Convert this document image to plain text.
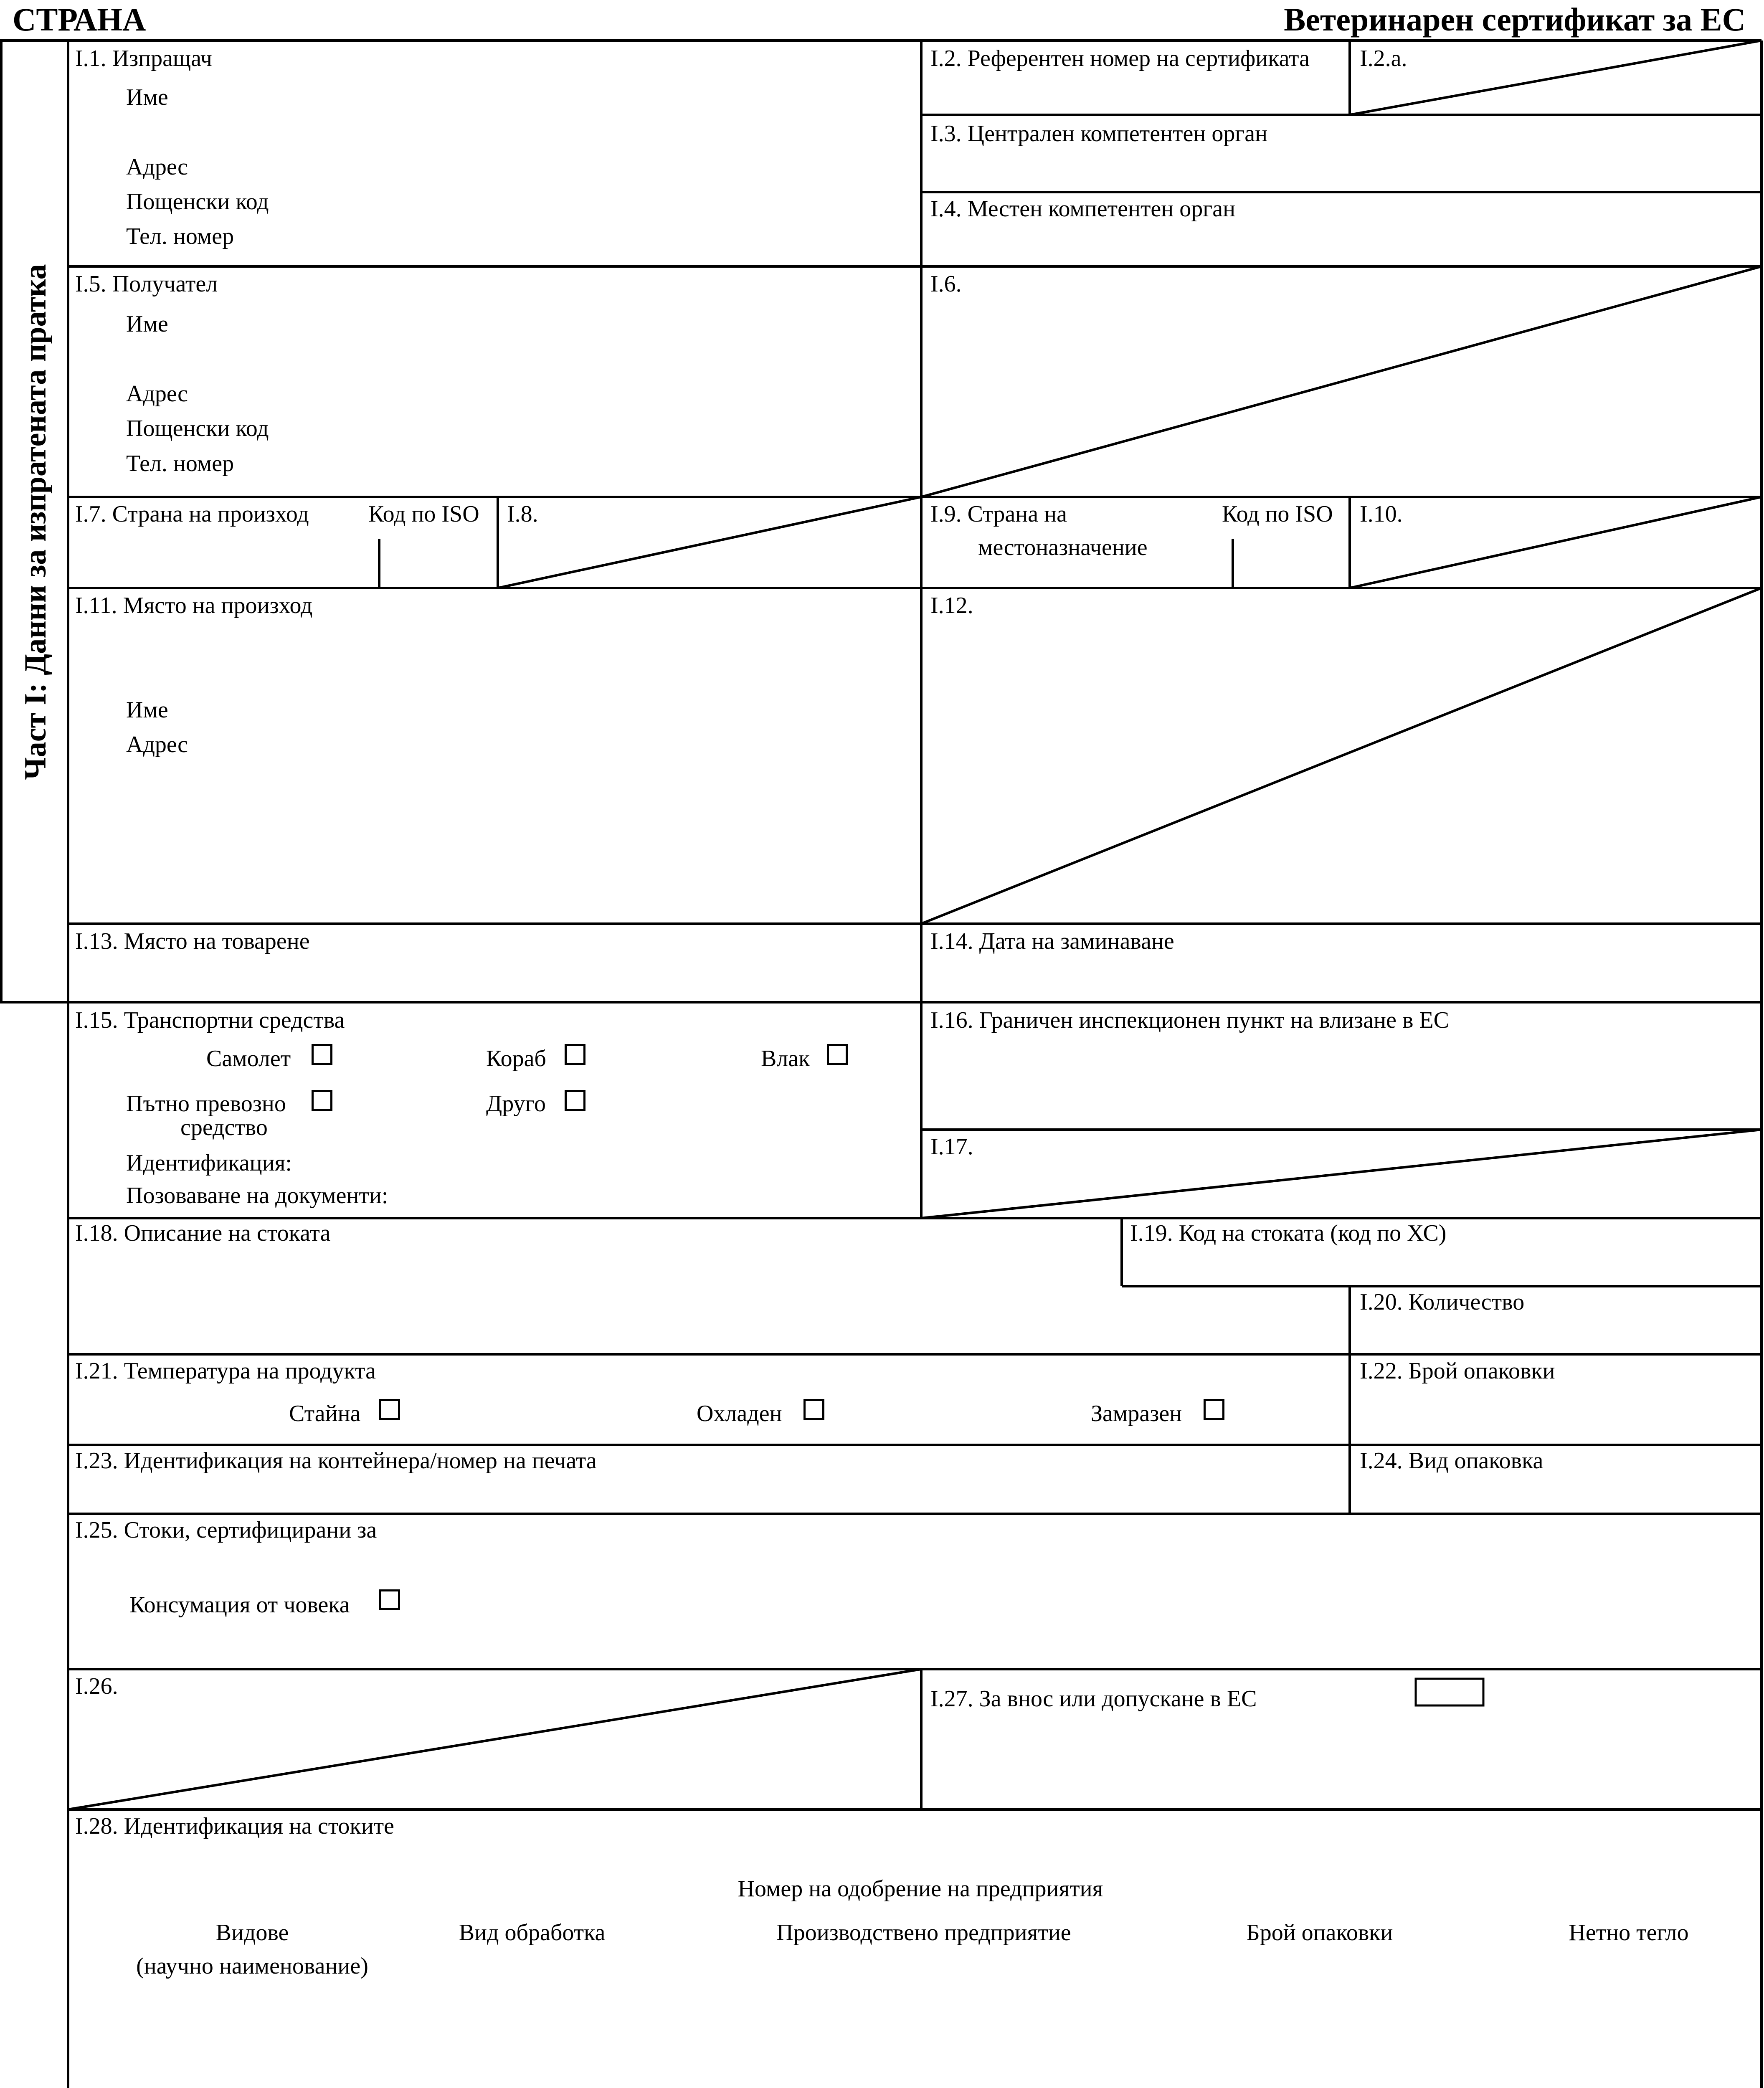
СТРАНА	Ветеринарен сертификат за ЕС
Част I: Данни за изпратената пратка
I.1. Изпращач
Име
Адрес
Пощенски код
Тел. номер
I.2. Референтен номер на сертификата I.2.a.
I.3. Централен компетентен орган
I.4. Местен компетентен орган
I.5. Получател
Име
Адрес
Пощенски код
Тел. номер
I.6.
I.7. Страна на произход	Код по ISO I.8.	I.9. Страна на
местоназначение
Код по ISO I.10.
I.11. Място на произход
Име
Адрес
I.12.
I.13. Място на товарене	I.14. Дата на заминаване
I.15. Транспортни средства
Самолет	Кораб	Влак
Пътно превозно
средство
Друго
Идентификация:
Позоваване на документи:
I.16. Граничен инспекционен пункт на влизане в ЕС
I.17.
I.18. Описание на стоката	I.19. Код на стоката (код по ХС)
I.20. Количество
I.21. Температура на продукта
Стайна	Охладен	Замразен
I.22. Брой опаковки
I.23. Идентификация на контейнера/номер на печата	I.24. Вид опаковка
I.25. Стоки, сертифицирани за
Консумация от човека
I.26.	I.27. За внос или допускане в ЕС
I.28. Идентификация на стоките
Номер на одобрение на предприятия
Видове
(научно наименование)
Вид обработка	Производствено предприятие	Брой опаковки	Нетно тегло
